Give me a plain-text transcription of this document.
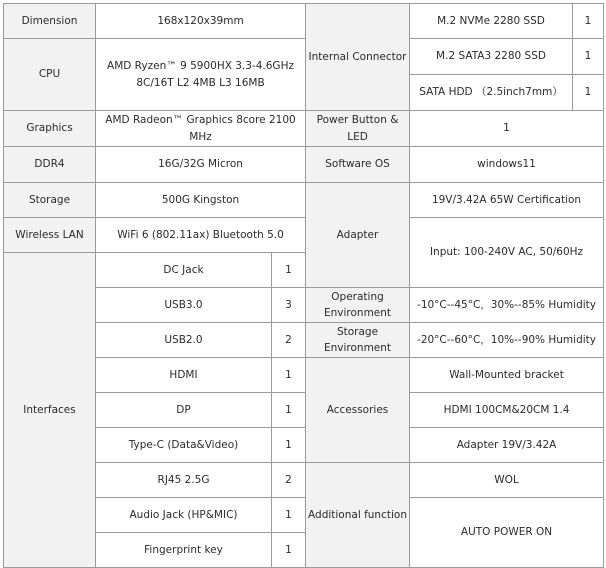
Dimension	168x120x39mm		Internal Connector	M.2 NVMe 2280 SSD	1
CPU	AMD Ryzen™ 9 5900HX 3.3-4.6GHz
8C/16T L2 4MB L3 16MB			M.2 SATA3 2280 SSD	1
				SATA HDD （2.5inch7mm）	1
Graphics	AMD Radeon™ Graphics 8core 2100 MHz		Power Button & LED	1	
DDR4	16G/32G Micron		Software OS	windows11	
Storage	500G Kingston		Adapter	19V/3.42A 65W Certification	
Wireless LAN	WiFi 6 (802.11ax) Bluetooth 5.0			Input: 100-240V AC, 50/60Hz	
Interfaces	DC Jack	1			
	USB3.0	3	Operating Environment	-10°C--45°C，30%--85% Humidity	
	USB2.0	2	Storage Environment	-20°C--60°C，10%--90% Humidity	
	HDMI	1	Accessories	Wall-Mounted bracket	
	DP	1		HDMI 100CM&20CM 1.4	
	Type-C (Data&Video)	1		Adapter 19V/3.42A	
	RJ45 2.5G	2	Additional function	WOL	
	Audio Jack (HP&MIC)	1		AUTO POWER ON	
	Fingerprint key	1			
